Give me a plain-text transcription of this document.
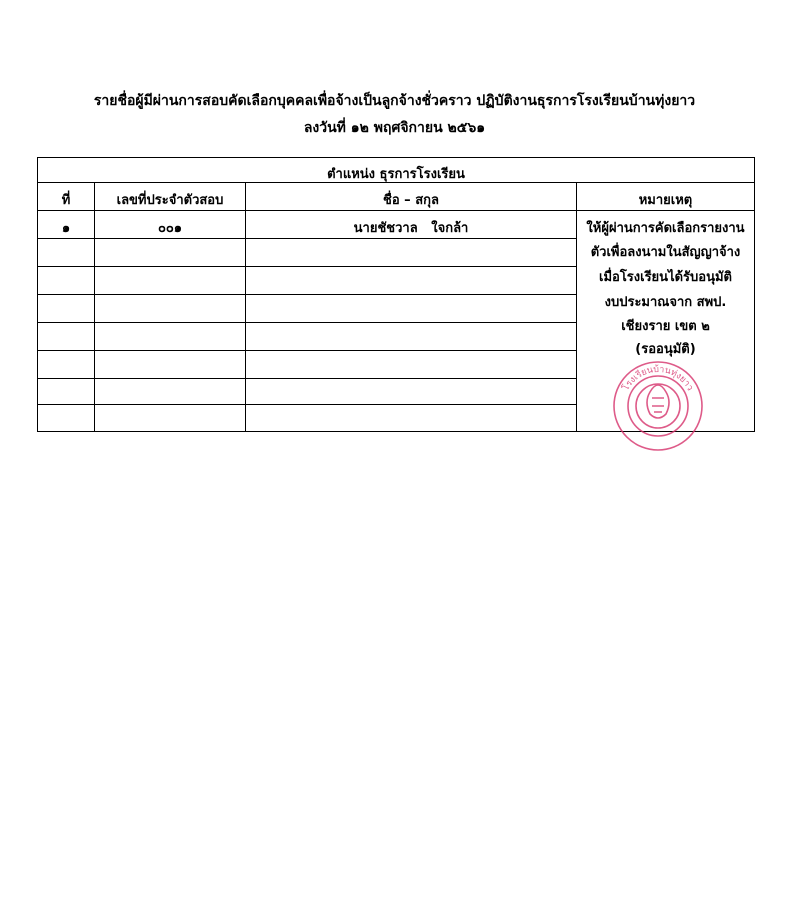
รายชื่อผู้มีผ่านการสอบคัดเลือกบุคคลเพื่อจ้างเป็นลูกจ้างชั่วคราว ปฏิบัติงานธุรการโรงเรียนบ้านทุ่งยาว
ลงวันที่ ๑๒ พฤศจิกายน ๒๕๖๑
ตำแหน่ง ธุรการโรงเรียน
ที่	เลขที่ประจำตัวสอบ	ชื่อ – สกุล	หมายเหตุ
๑	๐๐๑	นายชัชวาล   ใจกล้า	ให้ผู้ผ่านการคัดเลือกรายงาน
ตัวเพื่อลงนามในสัญญาจ้าง
เมื่อโรงเรียนได้รับอนุมัติ
งบประมาณจาก สพป.
เชียงราย เขต ๒
(รออนุมัติ)
โรงเรียนบ้านทุ่งยาว
